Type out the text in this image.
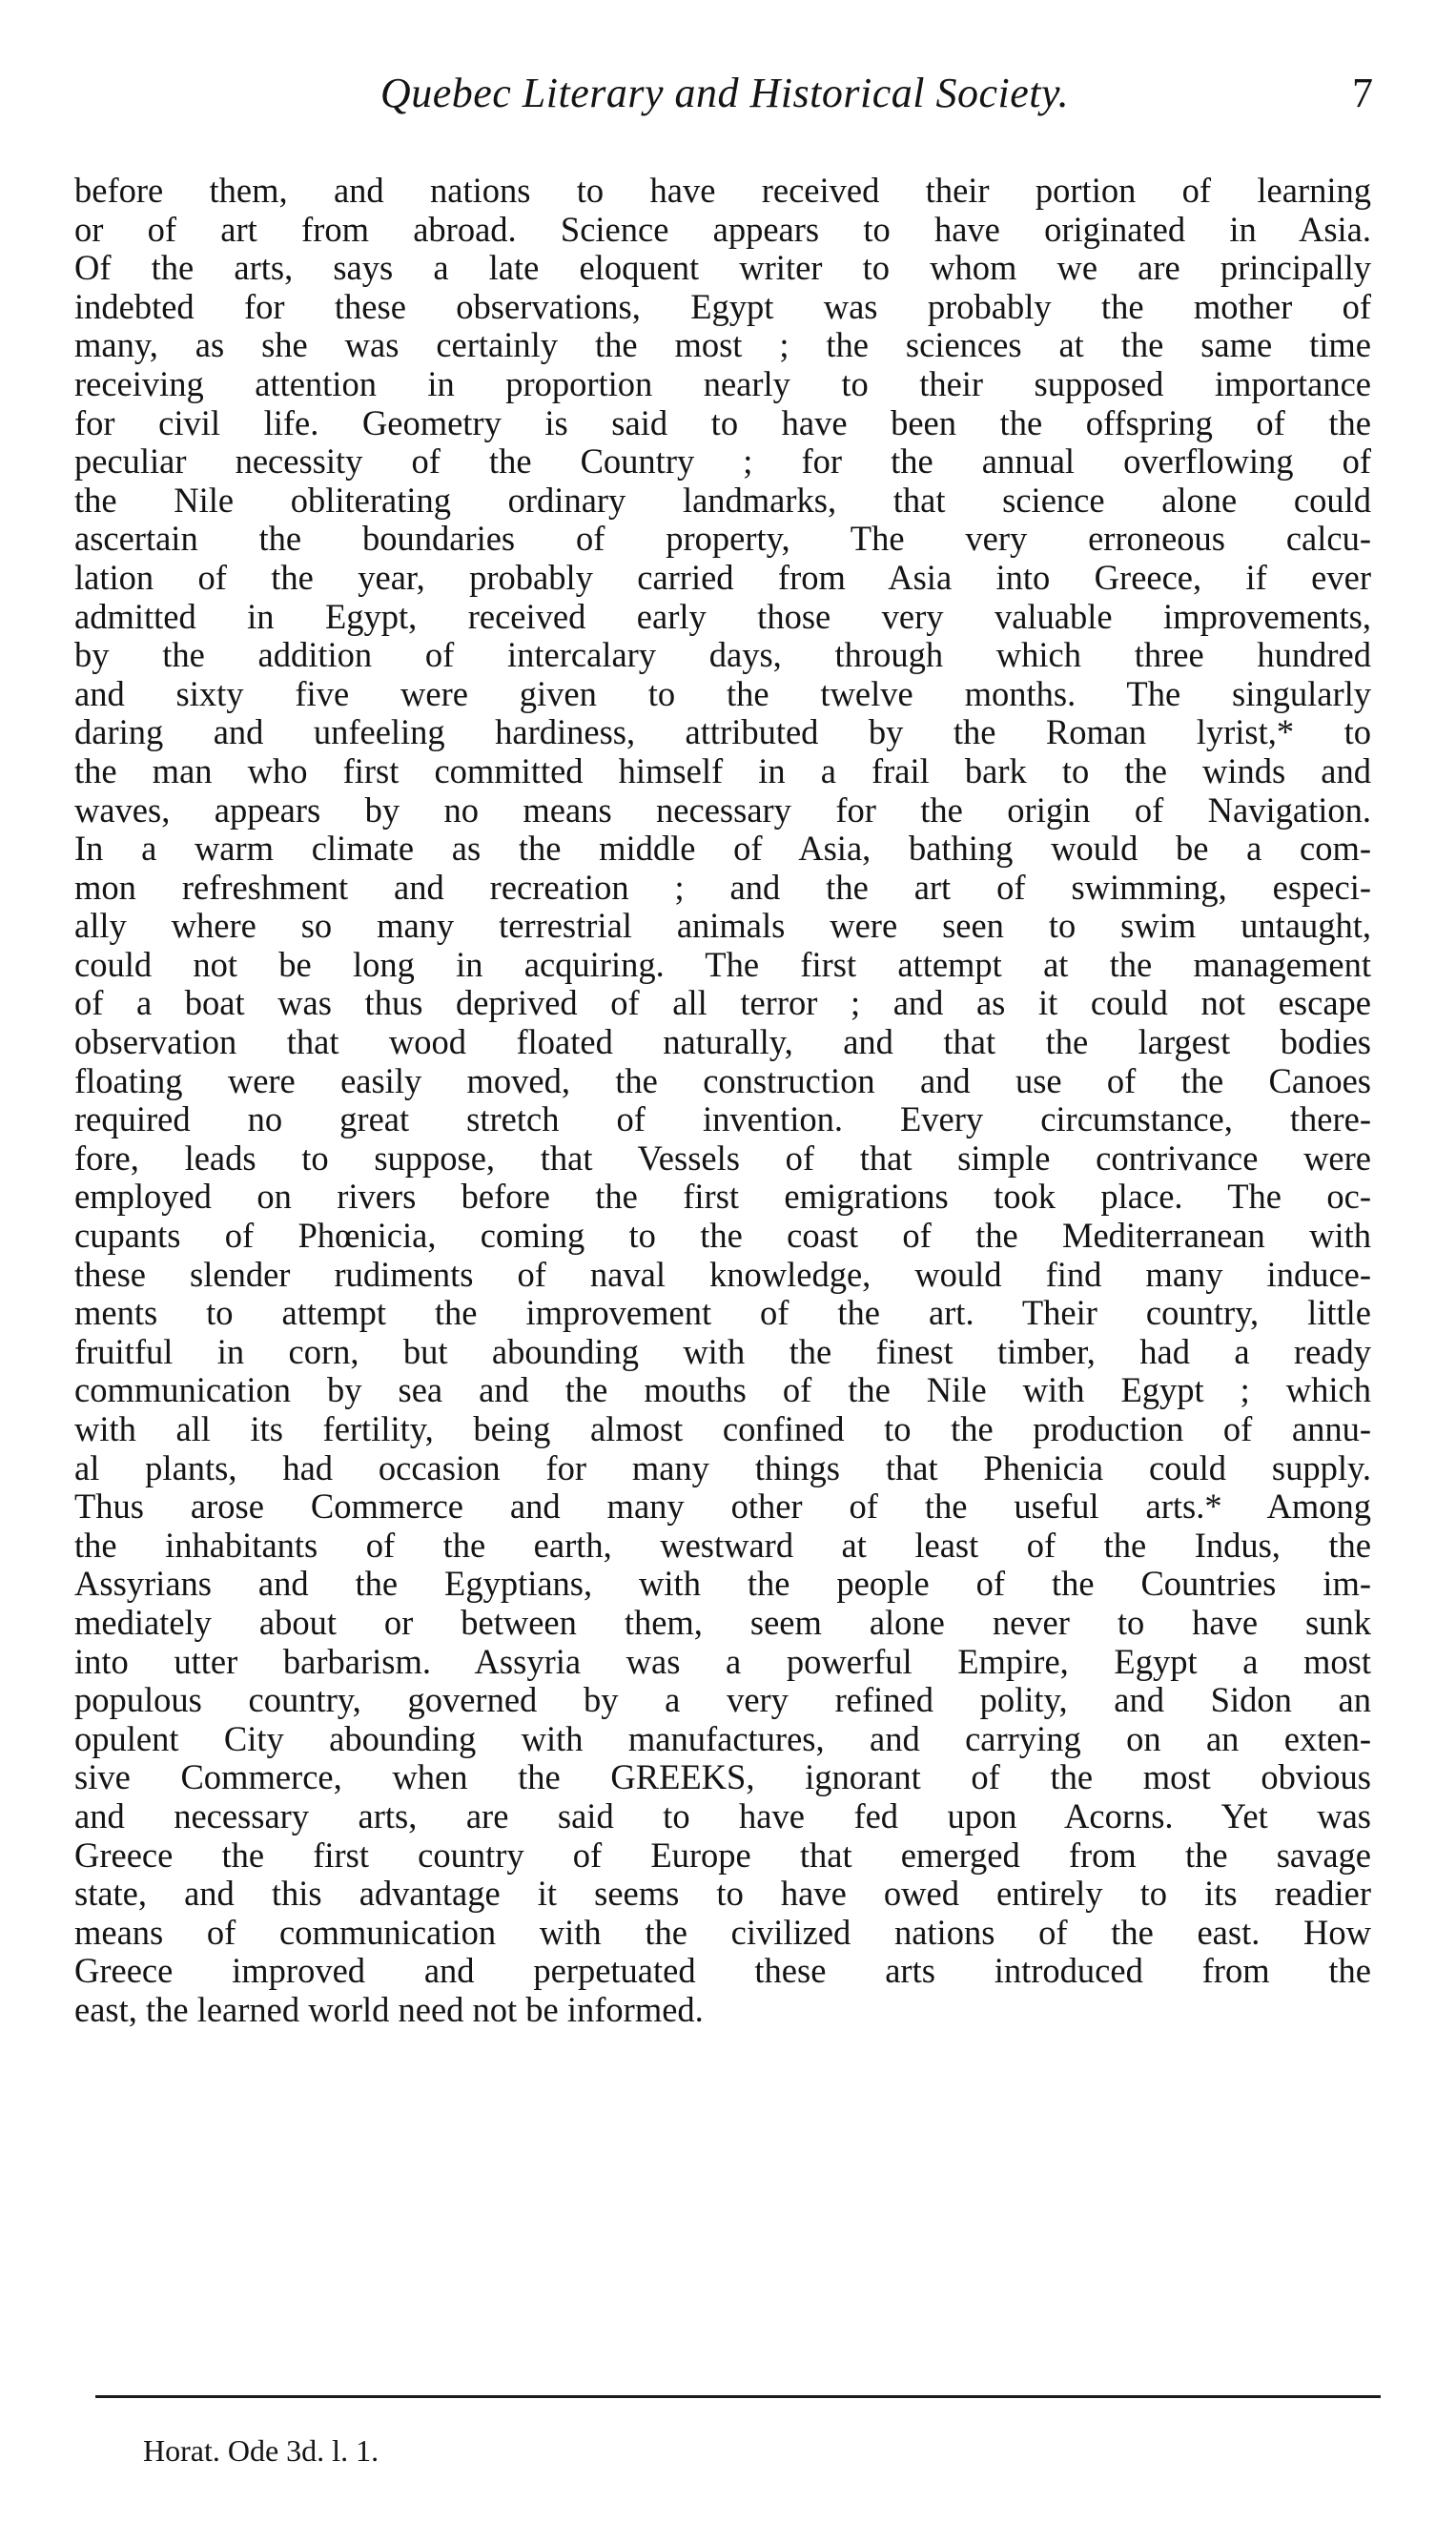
Quebec Literary and Historical Society.	7
before them, and nations to have received their portion of learning
or of art from abroad. Science appears to have originated in Asia.
Of the arts, says a late eloquent writer to whom we are principally
indebted for these observations, Egypt was probably the mother of
many, as she was certainly the most ; the sciences at the same time
receiving attention in proportion nearly to their supposed importance
for civil life. Geometry is said to have been the offspring of the
peculiar necessity of the Country ; for the annual overflowing of
the Nile obliterating ordinary landmarks, that science alone could
ascertain the boundaries of property, The very erroneous calcu-
lation of the year, probably carried from Asia into Greece, if ever
admitted in Egypt, received early those very valuable improvements,
by the addition of intercalary days, through which three hundred
and sixty five were given to the twelve months. The singularly
daring and unfeeling hardiness, attributed by the Roman lyrist,* to
the man who first committed himself in a frail bark to the winds and
waves, appears by no means necessary for the origin of Navigation.
In a warm climate as the middle of Asia, bathing would be a com-
mon refreshment and recreation ; and the art of swimming, especi-
ally where so many terrestrial animals were seen to swim untaught,
could not be long in acquiring. The first attempt at the management
of a boat was thus deprived of all terror ; and as it could not escape
observation that wood floated naturally, and that the largest bodies
floating were easily moved, the construction and use of the Canoes
required no great stretch of invention. Every circumstance, there-
fore, leads to suppose, that Vessels of that simple contrivance were
employed on rivers before the first emigrations took place. The oc-
cupants of Phœnicia, coming to the coast of the Mediterranean with
these slender rudiments of naval knowledge, would find many induce-
ments to attempt the improvement of the art. Their country, little
fruitful in corn, but abounding with the finest timber, had a ready
communication by sea and the mouths of the Nile with Egypt ; which
with all its fertility, being almost confined to the production of annu-
al plants, had occasion for many things that Phenicia could supply.
Thus arose Commerce and many other of the useful arts.* Among
the inhabitants of the earth, westward at least of the Indus, the
Assyrians and the Egyptians, with the people of the Countries im-
mediately about or between them, seem alone never to have sunk
into utter barbarism. Assyria was a powerful Empire, Egypt a most
populous country, governed by a very refined polity, and Sidon an
opulent City abounding with manufactures, and carrying on an exten-
sive Commerce, when the GREEKS, ignorant of the most obvious
and necessary arts, are said to have fed upon Acorns. Yet was
Greece the first country of Europe that emerged from the savage
state, and this advantage it seems to have owed entirely to its readier
means of communication with the civilized nations of the east. How
Greece improved and perpetuated these arts introduced from the
east, the learned world need not be informed.
Horat. Ode 3d. l. 1.
